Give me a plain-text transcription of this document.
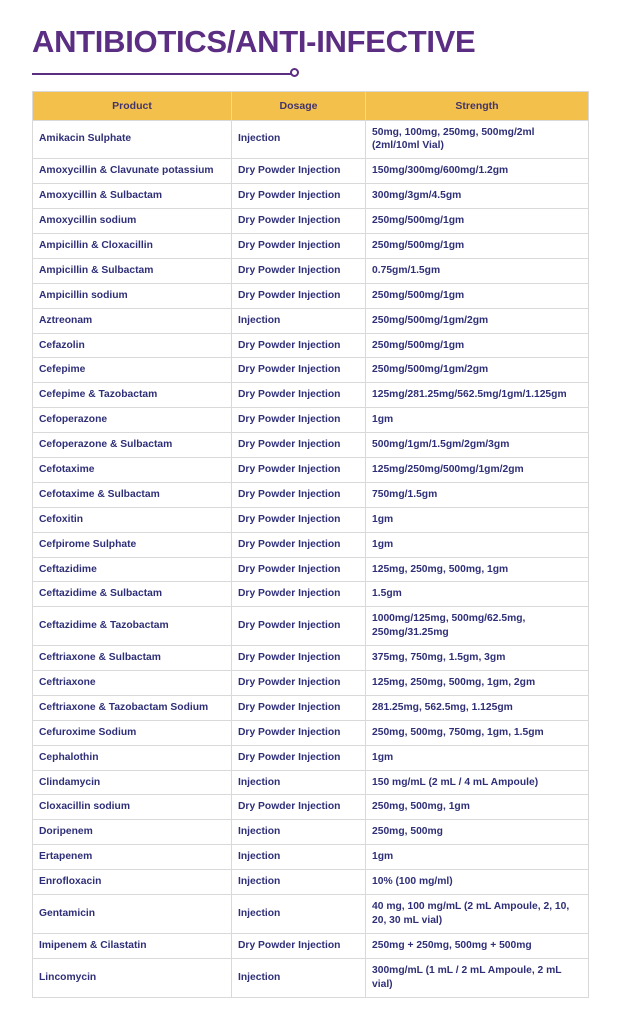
ANTIBIOTICS/ANTI-INFECTIVE
Product	Dosage	Strength
Amikacin Sulphate	Injection	50mg, 100mg, 250mg, 500mg/2ml (2ml/10ml Vial)
Amoxycillin & Clavunate potassium	Dry Powder Injection	150mg/300mg/600mg/1.2gm
Amoxycillin & Sulbactam	Dry Powder Injection	300mg/3gm/4.5gm
Amoxycillin sodium	Dry Powder Injection	250mg/500mg/1gm
Ampicillin & Cloxacillin	Dry Powder Injection	250mg/500mg/1gm
Ampicillin & Sulbactam	Dry Powder Injection	0.75gm/1.5gm
Ampicillin sodium	Dry Powder Injection	250mg/500mg/1gm
Aztreonam	Injection	250mg/500mg/1gm/2gm
Cefazolin	Dry Powder Injection	250mg/500mg/1gm
Cefepime	Dry Powder Injection	250mg/500mg/1gm/2gm
Cefepime & Tazobactam	Dry Powder Injection	125mg/281.25mg/562.5mg/1gm/1.125gm
Cefoperazone	Dry Powder Injection	1gm
Cefoperazone & Sulbactam	Dry Powder Injection	500mg/1gm/1.5gm/2gm/3gm
Cefotaxime	Dry Powder Injection	125mg/250mg/500mg/1gm/2gm
Cefotaxime & Sulbactam	Dry Powder Injection	750mg/1.5gm
Cefoxitin	Dry Powder Injection	1gm
Cefpirome Sulphate	Dry Powder Injection	1gm
Ceftazidime	Dry Powder Injection	125mg, 250mg, 500mg, 1gm
Ceftazidime & Sulbactam	Dry Powder Injection	1.5gm
Ceftazidime & Tazobactam	Dry Powder Injection	1000mg/125mg, 500mg/62.5mg, 250mg/31.25mg
Ceftriaxone & Sulbactam	Dry Powder Injection	375mg, 750mg, 1.5gm, 3gm
Ceftriaxone	Dry Powder Injection	125mg, 250mg, 500mg, 1gm, 2gm
Ceftriaxone & Tazobactam Sodium	Dry Powder Injection	281.25mg, 562.5mg, 1.125gm
Cefuroxime Sodium	Dry Powder Injection	250mg, 500mg, 750mg, 1gm, 1.5gm
Cephalothin	Dry Powder Injection	1gm
Clindamycin	Injection	150 mg/mL (2 mL / 4 mL Ampoule)
Cloxacillin sodium	Dry Powder Injection	250mg, 500mg, 1gm
Doripenem	Injection	250mg, 500mg
Ertapenem	Injection	1gm
Enrofloxacin	Injection	10% (100 mg/ml)
Gentamicin	Injection	40 mg, 100 mg/mL (2 mL Ampoule, 2, 10, 20, 30 mL vial)
Imipenem & Cilastatin	Dry Powder Injection	250mg + 250mg, 500mg + 500mg
Lincomycin	Injection	300mg/mL (1 mL / 2 mL Ampoule, 2 mL vial)
